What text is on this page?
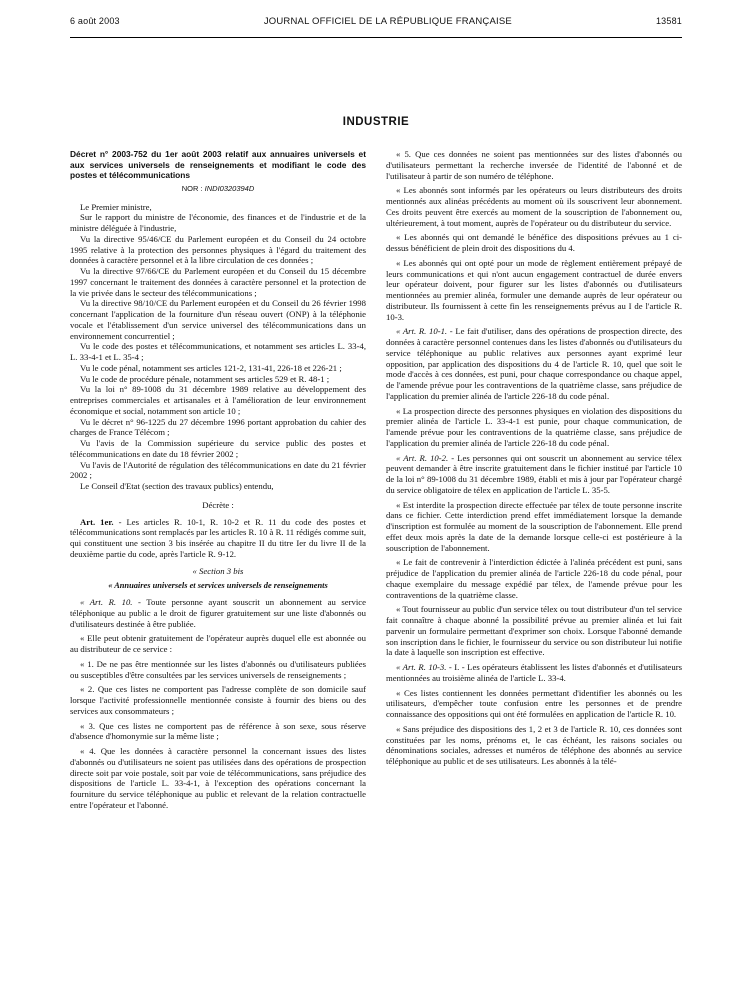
6 août 2003	JOURNAL OFFICIEL DE LA RÉPUBLIQUE FRANÇAISE	13581
INDUSTRIE
Décret n° 2003-752 du 1er août 2003 relatif aux annuaires universels et aux services universels de renseignements et modifiant le code des postes et télécommunications
NOR : INDI0320394D

Le Premier ministre,

Sur le rapport du ministre de l'économie, des finances et de l'industrie et de la ministre déléguée à l'industrie,

Vu la directive 95/46/CE du Parlement européen et du Conseil du 24 octobre 1995 relative à la protection des personnes physiques à l'égard du traitement des données à caractère personnel et à la libre circulation de ces données ;

Vu la directive 97/66/CE du Parlement européen et du Conseil du 15 décembre 1997 concernant le traitement des données à caractère personnel et la protection de la vie privée dans le secteur des télécommunications ;

Vu la directive 98/10/CE du Parlement européen et du Conseil du 26 février 1998 concernant l'application de la fourniture d'un réseau ouvert (ONP) à la téléphonie vocale et l'établissement d'un service universel des télécommunications dans un environnement concurrentiel ;

Vu le code des postes et télécommunications, et notamment ses articles L. 33-4, L. 33-4-1 et L. 35-4 ;

Vu le code pénal, notamment ses articles 121-2, 131-41, 226-18 et 226-21 ;

Vu le code de procédure pénale, notamment ses articles 529 et R. 48-1 ;

Vu la loi n° 89-1008 du 31 décembre 1989 relative au développement des entreprises commerciales et artisanales et à l'amélioration de leur environnement économique et social, notamment son article 10 ;

Vu le décret n° 96-1225 du 27 décembre 1996 portant approbation du cahier des charges de France Télécom ;

Vu l'avis de la Commission supérieure du service public des postes et télécommunications en date du 18 février 2002 ;

Vu l'avis de l'Autorité de régulation des télécommunications en date du 21 février 2002 ;

Le Conseil d'Etat (section des travaux publics) entendu,

Décrète :

Art. 1er. - Les articles R. 10-1, R. 10-2 et R. 11 du code des postes et télécommunications sont remplacés par les articles R. 10 à R. 11 rédigés comme suit, qui constituent une section 3 bis insérée au chapitre II du titre Ier du livre II de la deuxième partie du code, après l'article R. 9-12.

« Section 3 bis

« Annuaires universels et services universels de renseignements

« Art. R. 10. - Toute personne ayant souscrit un abonnement au service téléphonique au public a le droit de figurer gratuitement sur une liste d'abonnés ou d'utilisateurs destinée à être publiée.

« Elle peut obtenir gratuitement de l'opérateur auprès duquel elle est abonnée ou au distributeur de ce service :

« 1. De ne pas être mentionnée sur les listes d'abonnés ou d'utilisateurs publiées ou susceptibles d'être consultées par les services universels de renseignements ;

« 2. Que ces listes ne comportent pas l'adresse complète de son domicile sauf lorsque l'activité professionnelle mentionnée consiste à fournir des biens ou des services aux consommateurs ;

« 3. Que ces listes ne comportent pas de référence à son sexe, sous réserve d'absence d'homonymie sur la même liste ;

« 4. Que les données à caractère personnel la concernant issues des listes d'abonnés ou d'utilisateurs ne soient pas utilisées dans des opérations de prospection directe soit par voie postale, soit par voie de télécommunications, sans préjudice des dispositions de l'article L. 33-4-1, à l'exception des opérations concernant la fourniture du service téléphonique au public et relevant de la relation contractuelle entre l'opérateur et l'abonné.

« 5. Que ces données ne soient pas mentionnées sur des listes d'abonnés ou d'utilisateurs permettant la recherche inversée de l'identité de l'abonné et de l'utilisateur à partir de son numéro de téléphone.

« Les abonnés sont informés par les opérateurs ou leurs distributeurs des droits mentionnés aux alinéas précédents au moment où ils souscrivent leur abonnement. Ces droits peuvent être exercés au moment de la souscription de l'abonnement ou, ultérieurement, à tout moment, auprès de l'opérateur ou du distributeur du service.

« Les abonnés qui ont demandé le bénéfice des dispositions prévues au 1 ci-dessus bénéficient de plein droit des dispositions du 4.

« Les abonnés qui ont opté pour un mode de règlement entièrement prépayé de leurs communications et qui n'ont aucun engagement contractuel de durée envers leur opérateur doivent, pour figurer sur les listes d'abonnés ou d'utilisateurs mentionnées au premier alinéa, formuler une demande auprès de leur opérateur ou distributeur. Ils fournissent à cette fin les renseignements prévus au I de l'article R. 10-3.

« Art. R. 10-1. - Le fait d'utiliser, dans des opérations de prospection directe, des données à caractère personnel contenues dans les listes d'abonnés ou d'utilisateurs du service téléphonique au public relatives aux personnes ayant exprimé leur opposition, par application des dispositions du 4 de l'article R. 10, quel que soit le mode d'accès à ces données, est puni, pour chaque correspondance ou chaque appel, de l'amende prévue pour les contraventions de la quatrième classe, sans préjudice de l'application du premier alinéa de l'article 226-18 du code pénal.

« La prospection directe des personnes physiques en violation des dispositions du premier alinéa de l'article L. 33-4-1 est punie, pour chaque communication, de l'amende prévue pour les contraventions de la quatrième classe, sans préjudice de l'application du premier alinéa de l'article 226-18 du code pénal.

« Art. R. 10-2. - Les personnes qui ont souscrit un abonnement au service télex peuvent demander à être inscrite gratuitement dans le fichier institué par l'article 10 de la loi n° 89-1008 du 31 décembre 1989, établi et mis à jour par l'opérateur chargé du service obligatoire de télex en application de l'article L. 35-5.

« Est interdite la prospection directe effectuée par télex de toute personne inscrite dans ce fichier. Cette interdiction prend effet immédiatement lorsque la demande d'inscription est formulée au moment de la souscription de l'abonnement. Elle prend effet deux mois après la date de la demande lorsque celle-ci est postérieure à la souscription de l'abonnement.

« Le fait de contrevenir à l'interdiction édictée à l'alinéa précédent est puni, sans préjudice de l'application du premier alinéa de l'article 226-18 du code pénal, pour chaque exemplaire du message expédié par télex, de l'amende prévue pour les contraventions de la quatrième classe.

« Tout fournisseur au public d'un service télex ou tout distributeur d'un tel service fait connaître à chaque abonné la possibilité prévue au premier alinéa et lui fait parvenir un formulaire permettant d'exprimer son choix. Lorsque l'abonné demande son inscription dans le fichier, le fournisseur du service ou son distributeur lui notifie la date à laquelle son inscription est effective.

« Art. R. 10-3. - I. - Les opérateurs établissent les listes d'abonnés et d'utilisateurs mentionnées au troisième alinéa de l'article L. 33-4.

« Ces listes contiennent les données permettant d'identifier les abonnés ou les utilisateurs, d'empêcher toute confusion entre les personnes et de prendre connaissance des oppositions qui ont été formulées en application de l'article R. 10.

« Sans préjudice des dispositions des 1, 2 et 3 de l'article R. 10, ces données sont constituées par les noms, prénoms et, le cas échéant, les raisons sociales ou dénominations sociales, adresses et numéros de téléphone des abonnés au service téléphonique au public et de ses utilisateurs. Les abonnés à la télé-
